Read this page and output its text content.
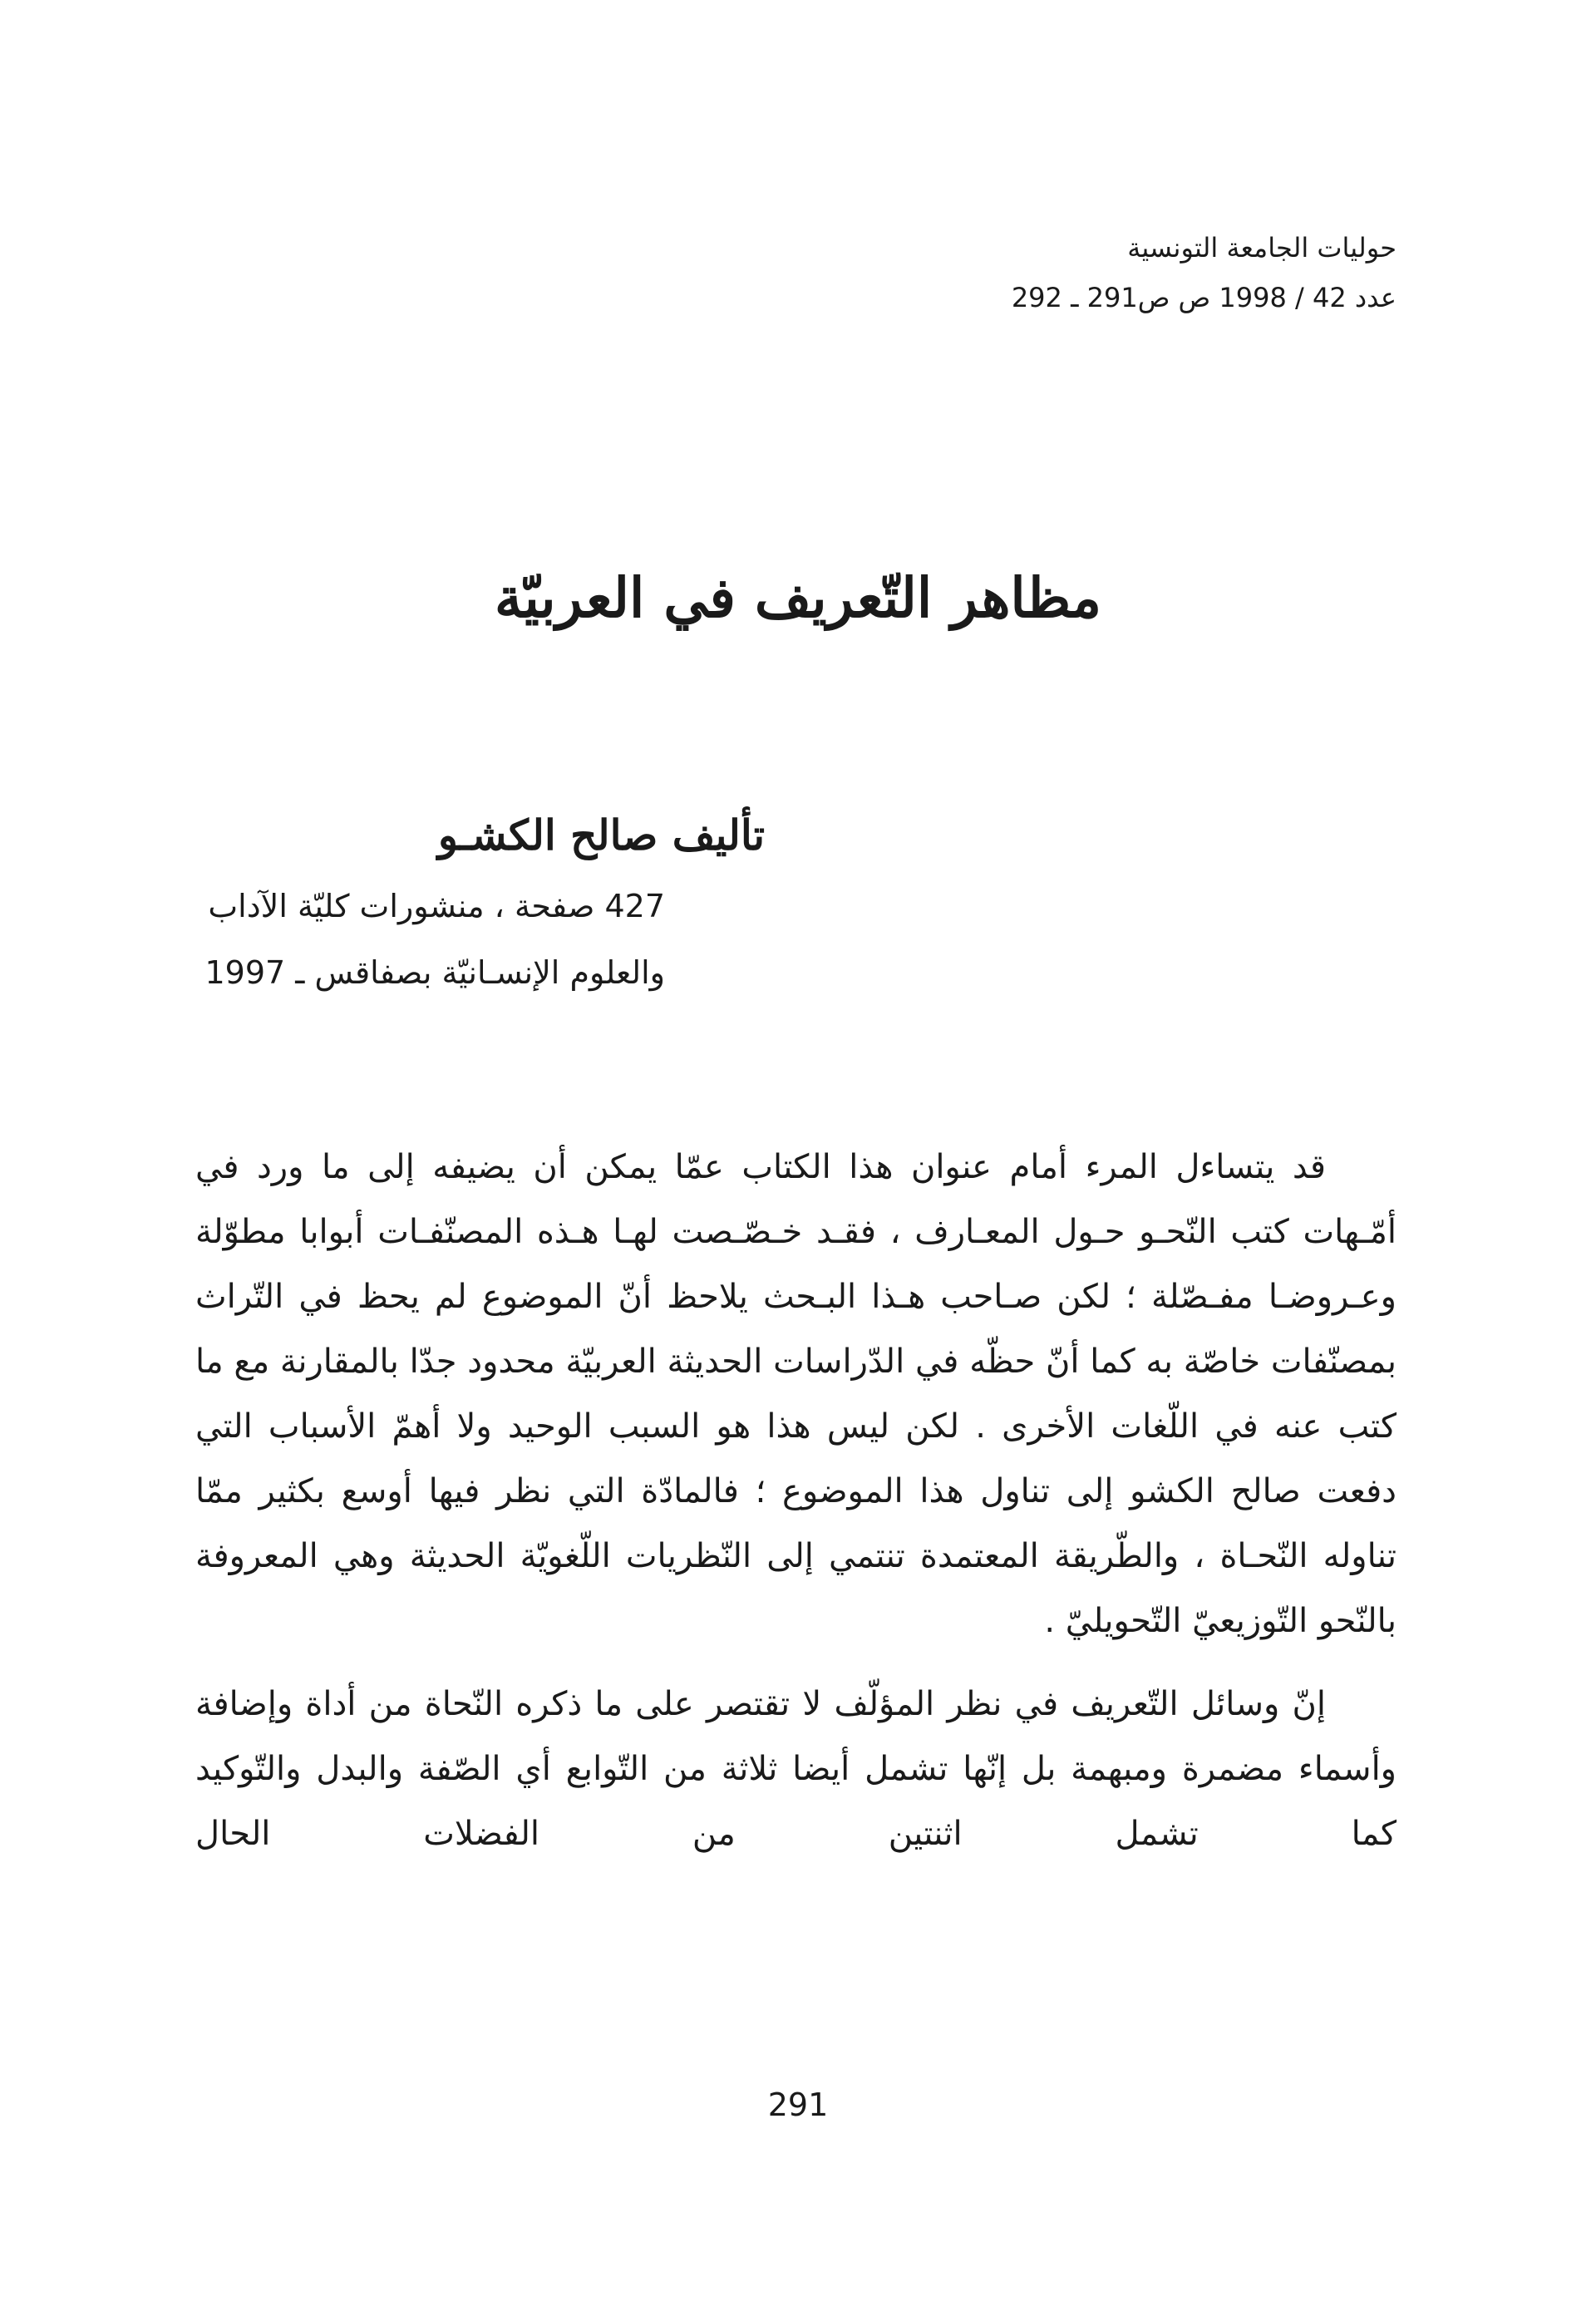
حوليات الجامعة التونسية
عدد 42 / 1998 ص ص291 ـ 292
مظاهر التّعريف في العربيّة
تأليف صالح الكشـو
427 صفحة ، منشورات كليّة الآداب
والعلوم الإنسـانيّة بصفاقس ـ 1997

قد يتساءل المرء أمام عنوان هذا الكتاب عمّا يمكن أن يضيفه إلى ما ورد في أمّـهات كتب النّحـو حـول المعـارف ، فقـد خـصّـصت لهـا هـذه المصنّفـات أبوابا مطوّلة وعـروضـا مفـصّلة ؛ لكن صـاحب هـذا البـحث يلاحظ أنّ الموضوع لم يحظ في التّراث بمصنّفات خاصّة به كما أنّ حظّه في الدّراسات الحديثة العربيّة محدود جدّا بالمقارنة مع ما كتب عنه في اللّغات الأخرى . لكن ليس هذا هو السبب الوحيد ولا أهمّ الأسباب التي دفعت صالح الكشو إلى تناول هذا الموضوع ؛ فالمادّة التي نظر فيها أوسع بكثير ممّا تناوله النّحـاة ، والطّريقة المعتمدة تنتمي إلى النّظريات اللّغويّة الحديثة وهي المعروفة بالنّحو التّوزيعيّ التّحويليّ .

إنّ وسائل التّعريف في نظر المؤلّف لا تقتصر على ما ذكره النّحاة من أداة وإضافة وأسماء مضمرة ومبهمة بل إنّها تشمل أيضا ثلاثة من التّوابع أي الصّفة والبدل والتّوكيد كما تشمل اثنتين من الفضلات الحال

291
